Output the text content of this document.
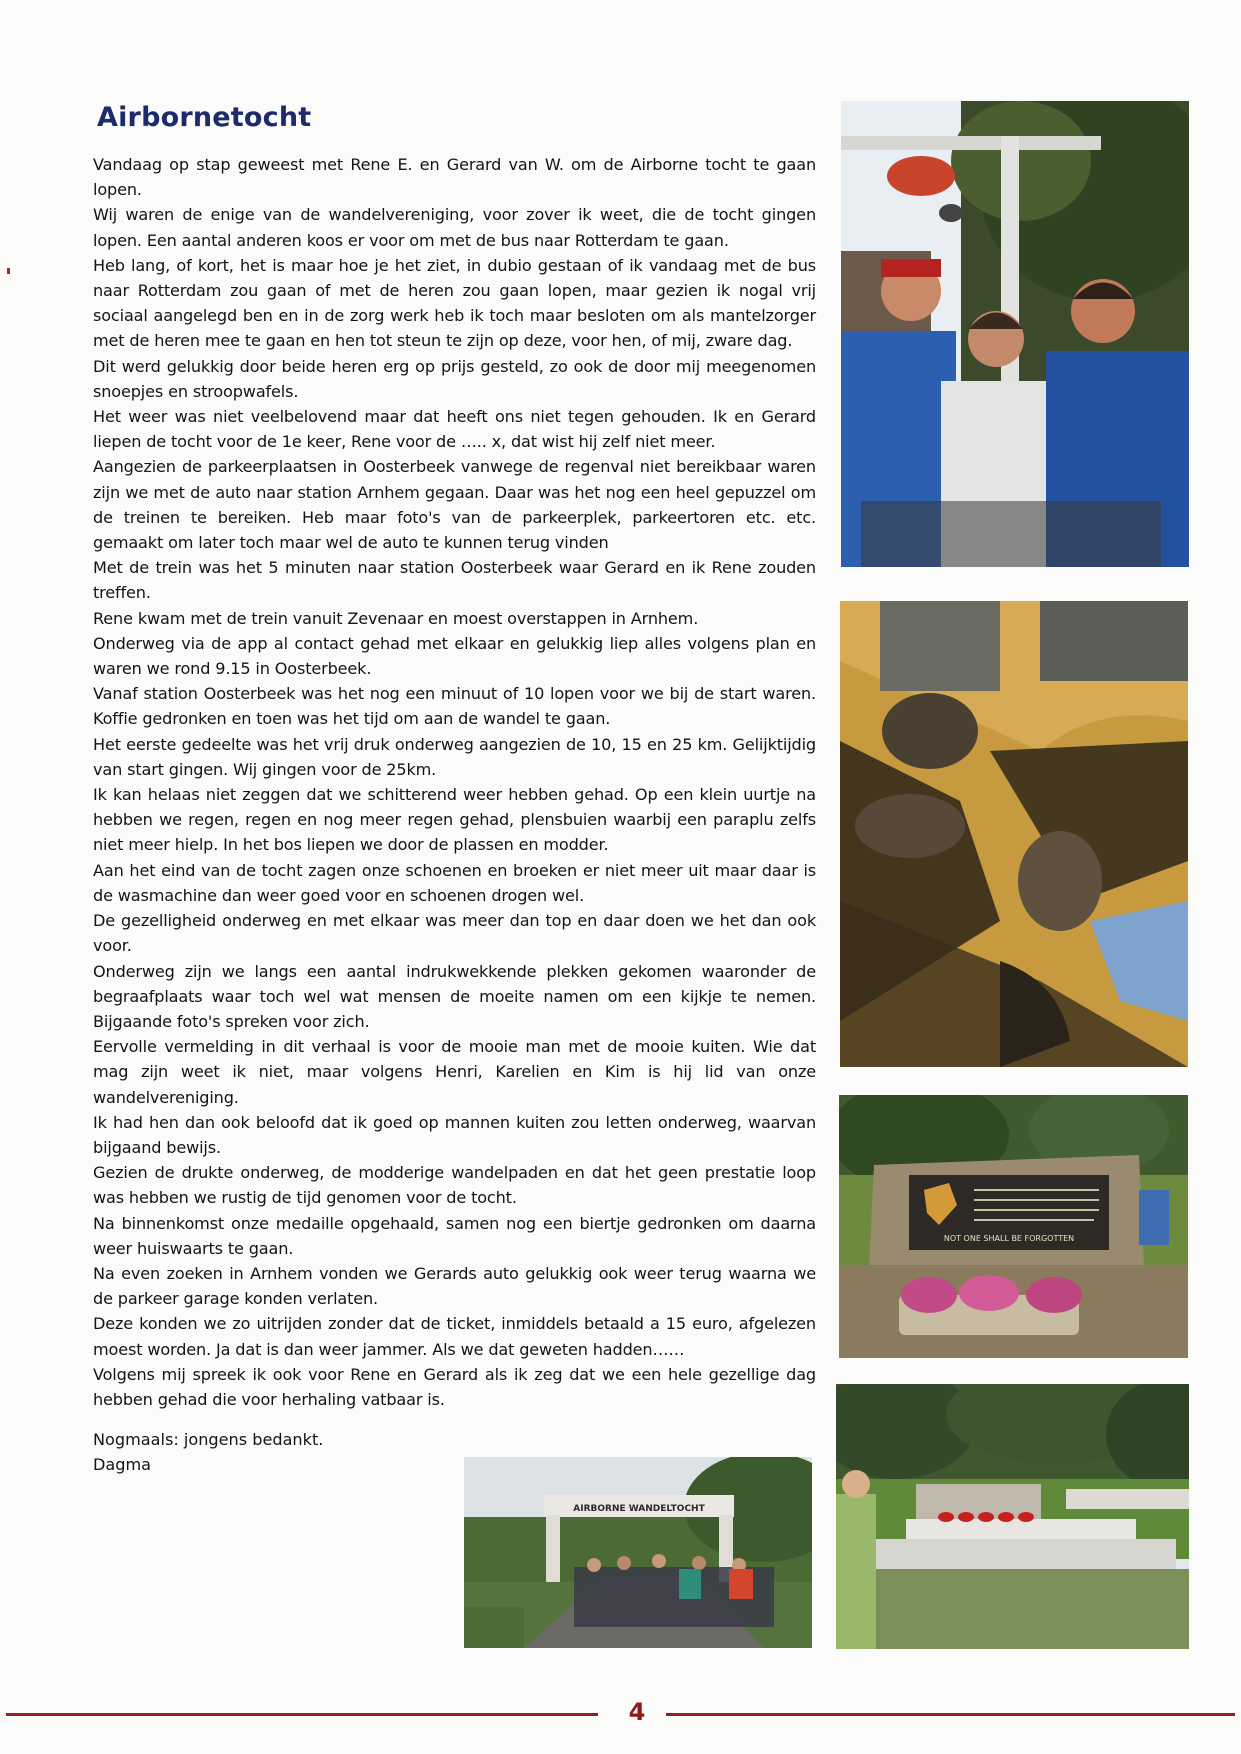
Airbornetocht

Vandaag op stap geweest met Rene E. en Gerard van W. om de Airborne tocht te gaan lopen.

Wij waren de enige van de wandelvereniging, voor zover ik weet, die de tocht gingen lopen. Een aantal anderen koos er voor om met de bus naar Rotterdam te gaan.

Heb lang, of kort, het is maar hoe je het ziet, in dubio gestaan of ik vandaag met de bus naar Rotterdam zou gaan of met de heren zou gaan lopen, maar gezien ik nogal vrij sociaal aangelegd ben en in de zorg werk heb ik toch maar besloten om als mantelzorger met de heren mee te gaan en hen tot steun te zijn op deze, voor hen, of mij, zware dag.

Dit werd gelukkig door beide heren erg op prijs gesteld, zo ook de door mij meegenomen snoepjes en stroopwafels.

Het weer was niet veelbelovend maar dat heeft ons niet tegen gehouden. Ik en Gerard liepen de tocht voor de 1e keer, Rene voor de ….. x, dat wist hij zelf niet meer.

Aangezien de parkeerplaatsen in Oosterbeek vanwege de regenval niet bereikbaar waren zijn we met de auto naar station Arnhem gegaan. Daar was het nog een heel gepuzzel om de treinen te bereiken. Heb maar foto's van de parkeerplek, parkeertoren etc. etc. gemaakt om later toch maar wel de auto te kunnen terug vinden

Met de trein was het 5 minuten naar station Oosterbeek waar Gerard en ik Rene zouden treffen.

Rene kwam met de trein vanuit Zevenaar en moest overstappen in Arnhem.

Onderweg via de app al contact gehad met elkaar en gelukkig liep alles volgens plan en waren we rond 9.15 in Oosterbeek.

Vanaf station Oosterbeek was het nog een minuut of 10 lopen voor we bij de start waren. Koffie gedronken en toen was het tijd om aan de wandel te gaan.

Het eerste gedeelte was het vrij druk onderweg aangezien de 10, 15 en 25 km. Gelijktijdig van start gingen. Wij gingen voor de 25km.

Ik kan helaas niet zeggen dat we schitterend weer hebben gehad. Op een klein uurtje na hebben we regen, regen en nog meer regen gehad, plensbuien waarbij een paraplu zelfs niet meer hielp. In het bos liepen we door de plassen en modder.

Aan het eind van de tocht zagen onze schoenen en broeken er niet meer uit maar daar is de wasmachine dan weer goed voor en schoenen drogen wel.

De gezelligheid onderweg en met elkaar was meer dan top en daar doen we het dan ook voor.

Onderweg zijn we langs een aantal indrukwekkende plekken gekomen waaronder de begraafplaats waar toch wel wat mensen de moeite namen om een kijkje te nemen. Bijgaande foto's spreken voor zich.

Eervolle vermelding in dit verhaal is voor de mooie man met de mooie kuiten. Wie dat mag zijn weet ik niet, maar volgens Henri, Karelien en Kim is hij lid van onze wandelvereniging.

Ik had hen dan ook beloofd dat ik goed op mannen kuiten zou letten onderweg, waarvan bijgaand bewijs.

Gezien de drukte onderweg, de modderige wandelpaden en dat het geen prestatie loop was hebben we rustig de tijd genomen voor de tocht.

Na binnenkomst onze medaille opgehaald, samen nog een biertje gedronken om daarna weer huiswaarts te gaan.

Na even zoeken in Arnhem vonden we Gerards auto gelukkig ook weer terug waarna we de parkeer garage konden verlaten.

Deze konden we zo uitrijden zonder dat de ticket, inmiddels betaald a 15 euro, afgelezen moest worden. Ja dat is dan weer jammer. Als we dat geweten hadden……

Volgens mij spreek ik ook voor Rene en Gerard als ik zeg dat we een hele gezellige dag hebben gehad die voor herhaling vatbaar is.

Nogmaals: jongens bedankt.

Dagma

NOT ONE SHALL BE FORGOTTEN
AIRBORNE WANDELTOCHT
4
